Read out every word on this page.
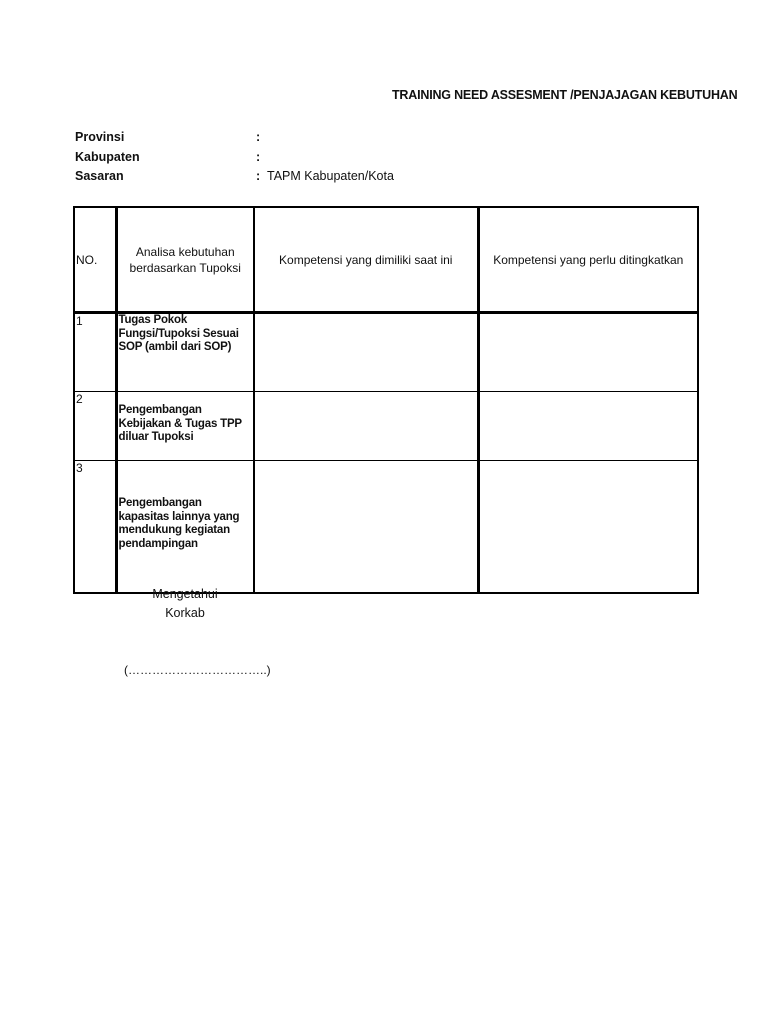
TRAINING NEED ASSESMENT /PENJAJAGAN KEBUTUHAN
Provinsi	:
Kabupaten	:
Sasaran	: TAPM Kabupaten/Kota
NO.	Analisa kebutuhan berdasarkan Tupoksi	Kompetensi yang dimiliki saat ini	Kompetensi yang perlu ditingkatkan
1	Tugas Pokok Fungsi/Tupoksi Sesuai SOP (ambil dari SOP)		
2	Pengembangan Kebijakan & Tugas TPP diluar Tupoksi		
3	Pengembangan kapasitas lainnya yang mendukung kegiatan pendampingan		
Mengetahui
Korkab
(……………………………..)
